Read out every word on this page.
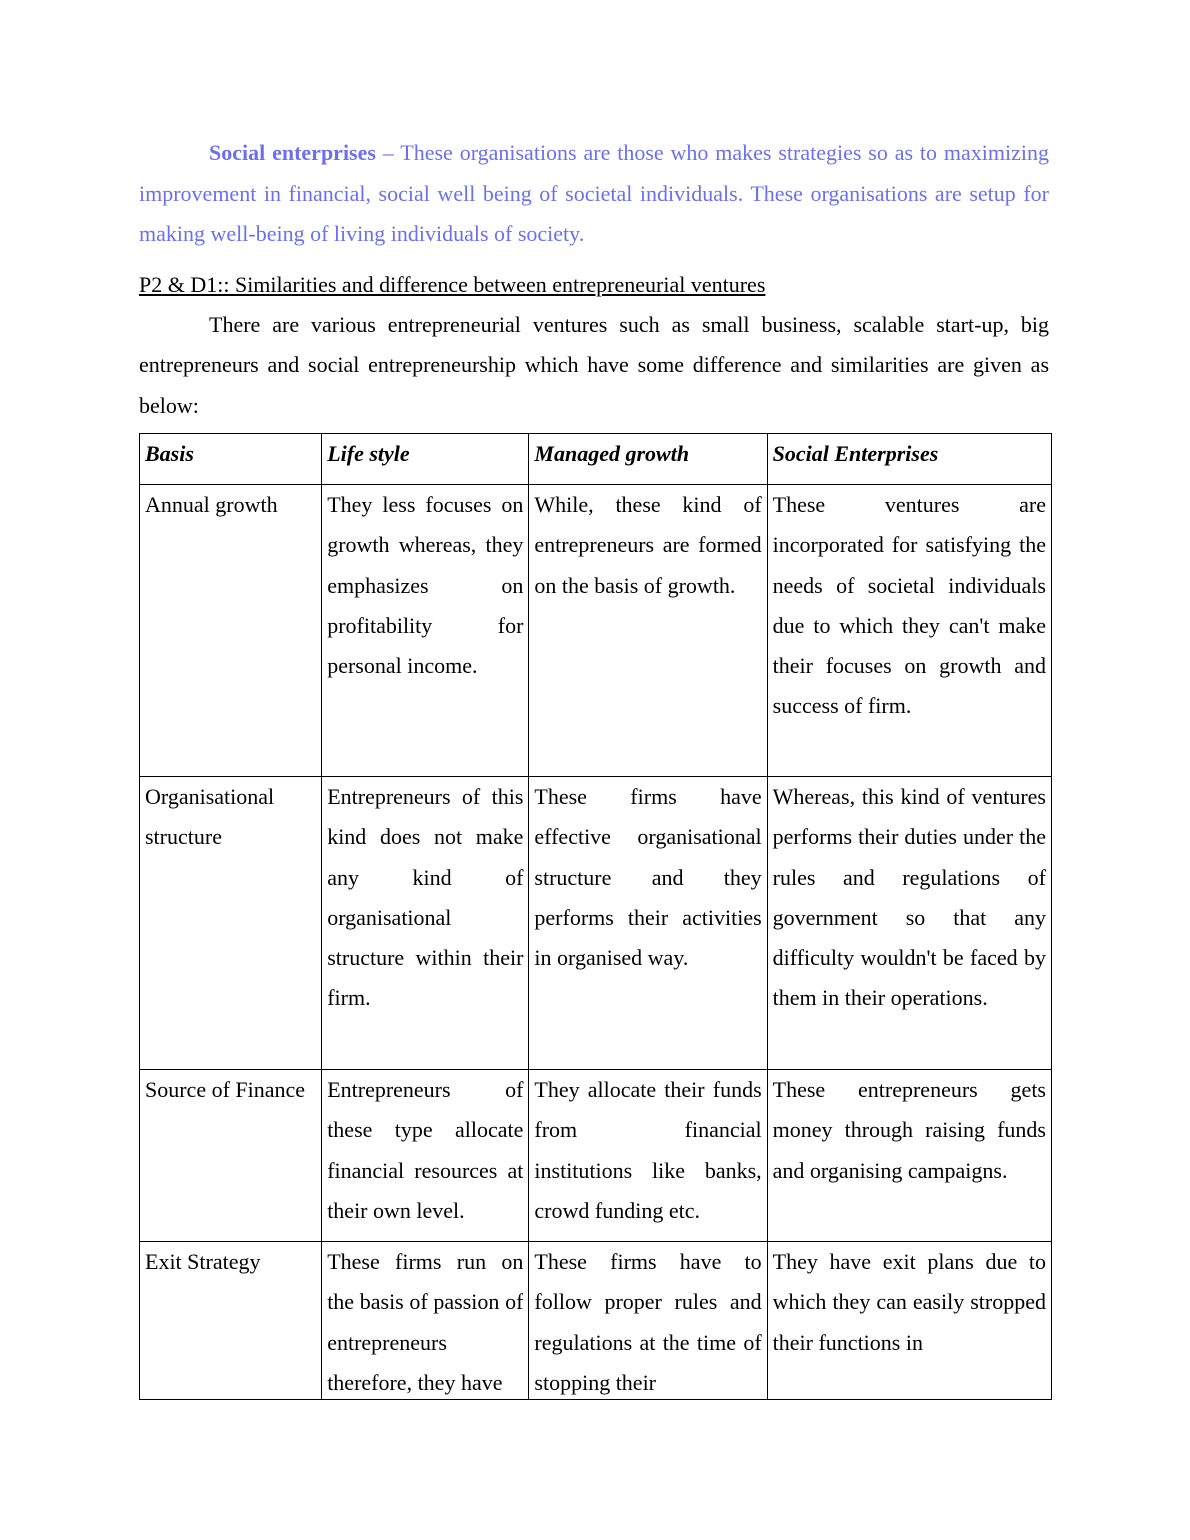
Social enterprises – These organisations are those who makes strategies so as to maximizing improvement in financial, social well being of societal individuals. These organisations are setup for making well-being of living individuals of society.

P2 & D1:: Similarities and difference between entrepreneurial ventures

There are various entrepreneurial ventures such as small business, scalable start-up, big entrepreneurs and social entrepreneurship which have some difference and similarities are given as below:

Basis	Life style	Managed growth	Social Enterprises

Annual growth	They less focuses on growth whereas, they emphasizes on profitability for personal income.	While, these kind of entrepreneurs are formed on the basis of growth.	These ventures are incorporated for satisfying the needs of societal individuals due to which they can't make their focuses on growth and success of firm.

Organisational structure	Entrepreneurs of this kind does not make any kind of organisational structure within their firm.	These firms have effective organisational structure and they performs their activities in organised way.	Whereas, this kind of ventures performs their duties under the rules and regulations of government so that any difficulty wouldn't be faced by them in their operations.

Source of Finance	Entrepreneurs of these type allocate financial resources at their own level.	They allocate their funds from financial institutions like banks, crowd funding etc.	These entrepreneurs gets money through raising funds and organising campaigns.

Exit Strategy	These firms run on the basis of passion of entrepreneurs therefore, they have	These firms have to follow proper rules and regulations at the time of stopping their	They have exit plans due to which they can easily stropped their functions in
